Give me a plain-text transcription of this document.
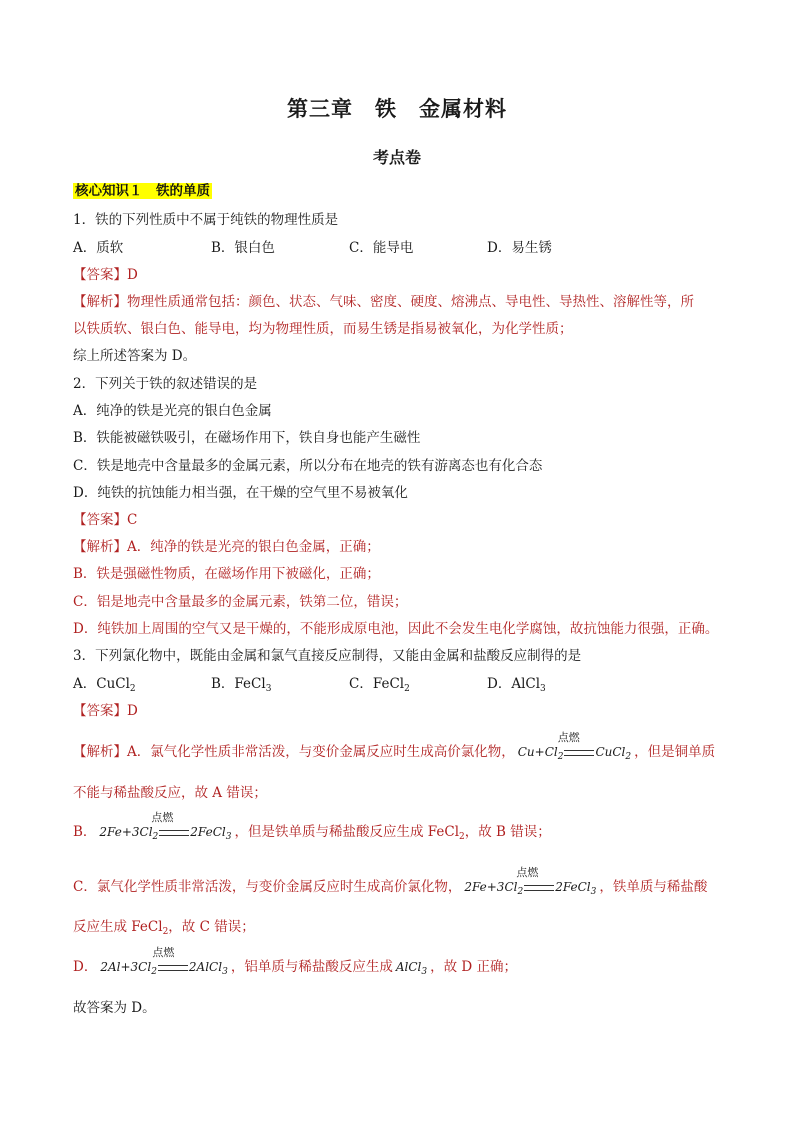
第三章　铁　金属材料
考点卷
核心知识１　铁的单质
1．铁的下列性质中不属于纯铁的物理性质是
A．质软	B．银白色	C．能导电	D．易生锈
【答案】D
【解析】物理性质通常包括：颜色、状态、气味、密度、硬度、熔沸点、导电性、导热性、溶解性等，所
以铁质软、银白色、能导电，均为物理性质，而易生锈是指易被氧化，为化学性质；
综上所述答案为 D。
2．下列关于铁的叙述错误的是
A．纯净的铁是光亮的银白色金属
B．铁能被磁铁吸引，在磁场作用下，铁自身也能产生磁性
C．铁是地壳中含量最多的金属元素，所以分布在地壳的铁有游离态也有化合态
D．纯铁的抗蚀能力相当强，在干燥的空气里不易被氧化
【答案】C
【解析】A．纯净的铁是光亮的银白色金属，正确；
B．铁是强磁性物质，在磁场作用下被磁化，正确；
C．铝是地壳中含量最多的金属元素，铁第二位，错误；
D．纯铁加上周围的空气又是干燥的，不能形成原电池，因此不会发生电化学腐蚀，故抗蚀能力很强，正确。
3．下列氯化物中，既能由金属和氯气直接反应制得，又能由金属和盐酸反应制得的是
A．CuCl$_2$	B．FeCl$_3$	C．FeCl$_2$	D．AlCl$_3$
【答案】D
【解析】A．氯气化学性质非常活泼，与变价金属反应时生成高价氯化物， $Cu+Cl_2$
点燃
CuCl$_2$ ，但是铜单质
不能与稀盐酸反应，故 A 错误；
B． $2Fe+3Cl_2$
点燃
2FeCl$_3$ ，但是铁单质与稀盐酸反应生成 FeCl$_2$，故 B 错误；
C．氯气化学性质非常活泼，与变价金属反应时生成高价氯化物， $2Fe+3Cl_2$
点燃
2FeCl$_3$ ，铁单质与稀盐酸
反应生成 FeCl$_2$，故 C 错误；
D． $2Al+3Cl_2$
点燃
2AlCl$_3$ ，铝单质与稀盐酸反应生成 AlCl$_3$ ，故 D 正确；
故答案为 D。
